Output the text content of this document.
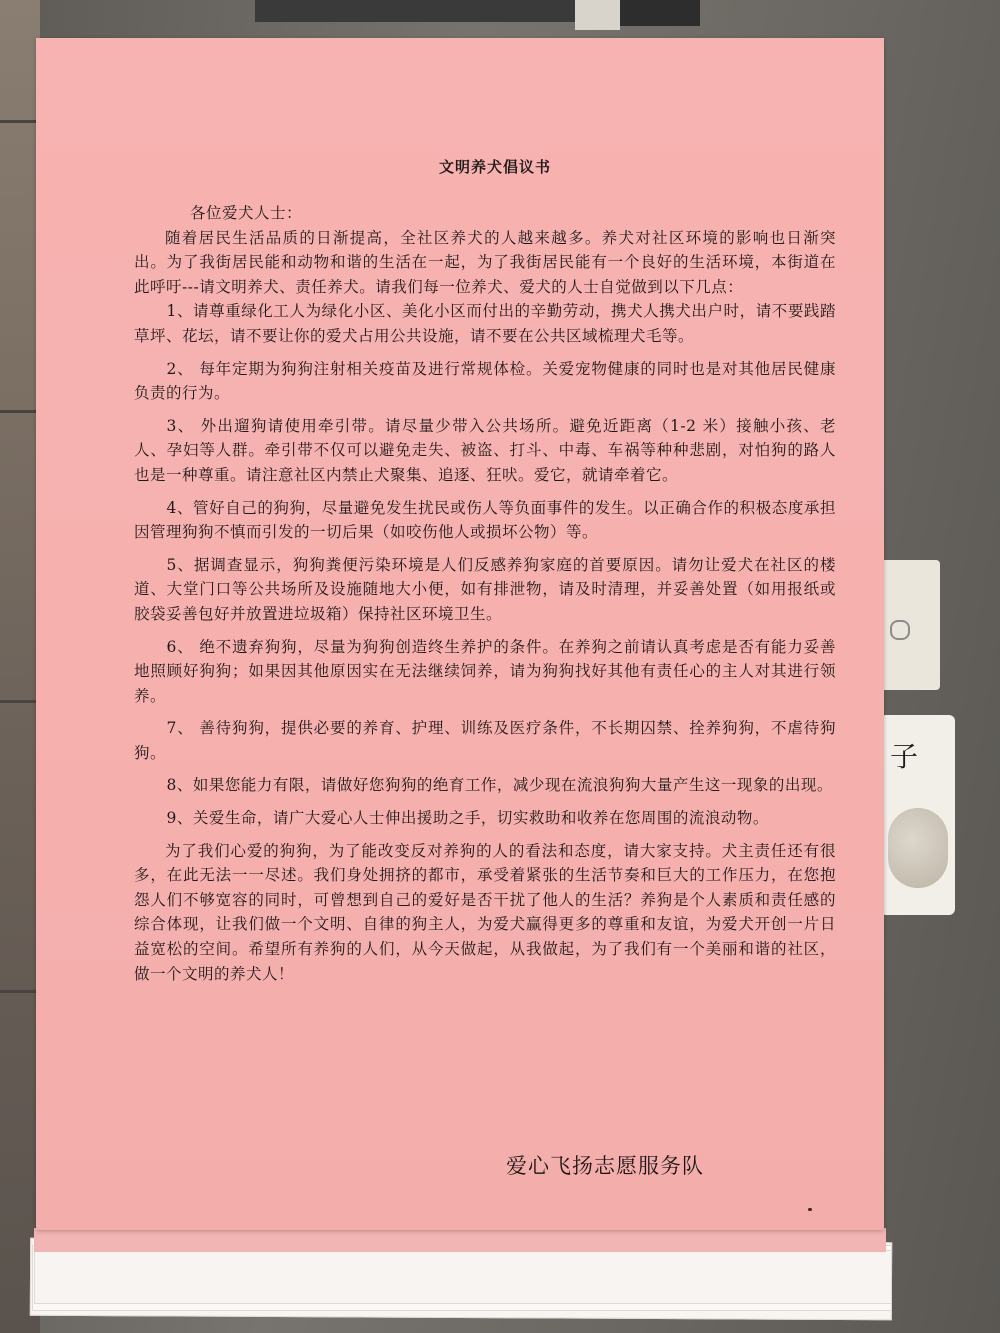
子
文明养犬倡议书

各位爱犬人士：

随着居民生活品质的日渐提高，全社区养犬的人越来越多。养犬对社区环境的影响也日渐突出。为了我街居民能和动物和谐的生活在一起，为了我街居民能有一个良好的生活环境，本街道在此呼吁---请文明养犬、责任养犬。请我们每一位养犬、爱犬的人士自觉做到以下几点：

1、请尊重绿化工人为绿化小区、美化小区而付出的辛勤劳动，携犬人携犬出户时，请不要践踏草坪、花坛，请不要让你的爱犬占用公共设施，请不要在公共区域梳理犬毛等。

2、 每年定期为狗狗注射相关疫苗及进行常规体检。关爱宠物健康的同时也是对其他居民健康负责的行为。

3、 外出遛狗请使用牵引带。请尽量少带入公共场所。避免近距离（1-2 米）接触小孩、老人、孕妇等人群。牵引带不仅可以避免走失、被盗、打斗、中毒、车祸等种种悲剧，对怕狗的路人也是一种尊重。请注意社区内禁止犬聚集、追逐、狂吠。爱它，就请牵着它。

4、管好自己的狗狗，尽量避免发生扰民或伤人等负面事件的发生。以正确合作的积极态度承担因管理狗狗不慎而引发的一切后果（如咬伤他人或损坏公物）等。

5、据调查显示，狗狗粪便污染环境是人们反感养狗家庭的首要原因。请勿让爱犬在社区的楼道、大堂门口等公共场所及设施随地大小便，如有排泄物，请及时清理，并妥善处置（如用报纸或胶袋妥善包好并放置进垃圾箱）保持社区环境卫生。

6、 绝不遗弃狗狗，尽量为狗狗创造终生养护的条件。在养狗之前请认真考虑是否有能力妥善地照顾好狗狗；如果因其他原因实在无法继续饲养，请为狗狗找好其他有责任心的主人对其进行领养。

7、 善待狗狗，提供必要的养育、护理、训练及医疗条件，不长期囚禁、拴养狗狗，不虐待狗狗。

8、如果您能力有限，请做好您狗狗的绝育工作，减少现在流浪狗狗大量产生这一现象的出现。

9、关爱生命，请广大爱心人士伸出援助之手，切实救助和收养在您周围的流浪动物。

为了我们心爱的狗狗，为了能改变反对养狗的人的看法和态度，请大家支持。犬主责任还有很多，在此无法一一尽述。我们身处拥挤的都市，承受着紧张的生活节奏和巨大的工作压力，在您抱怨人们不够宽容的同时，可曾想到自己的爱好是否干扰了他人的生活？养狗是个人素质和责任感的综合体现，让我们做一个文明、自律的狗主人，为爱犬赢得更多的尊重和友谊，为爱犬开创一片日益宽松的空间。希望所有养狗的人们，从今天做起，从我做起，为了我们有一个美丽和谐的社区，做一个文明的养犬人！

爱心飞扬志愿服务队
